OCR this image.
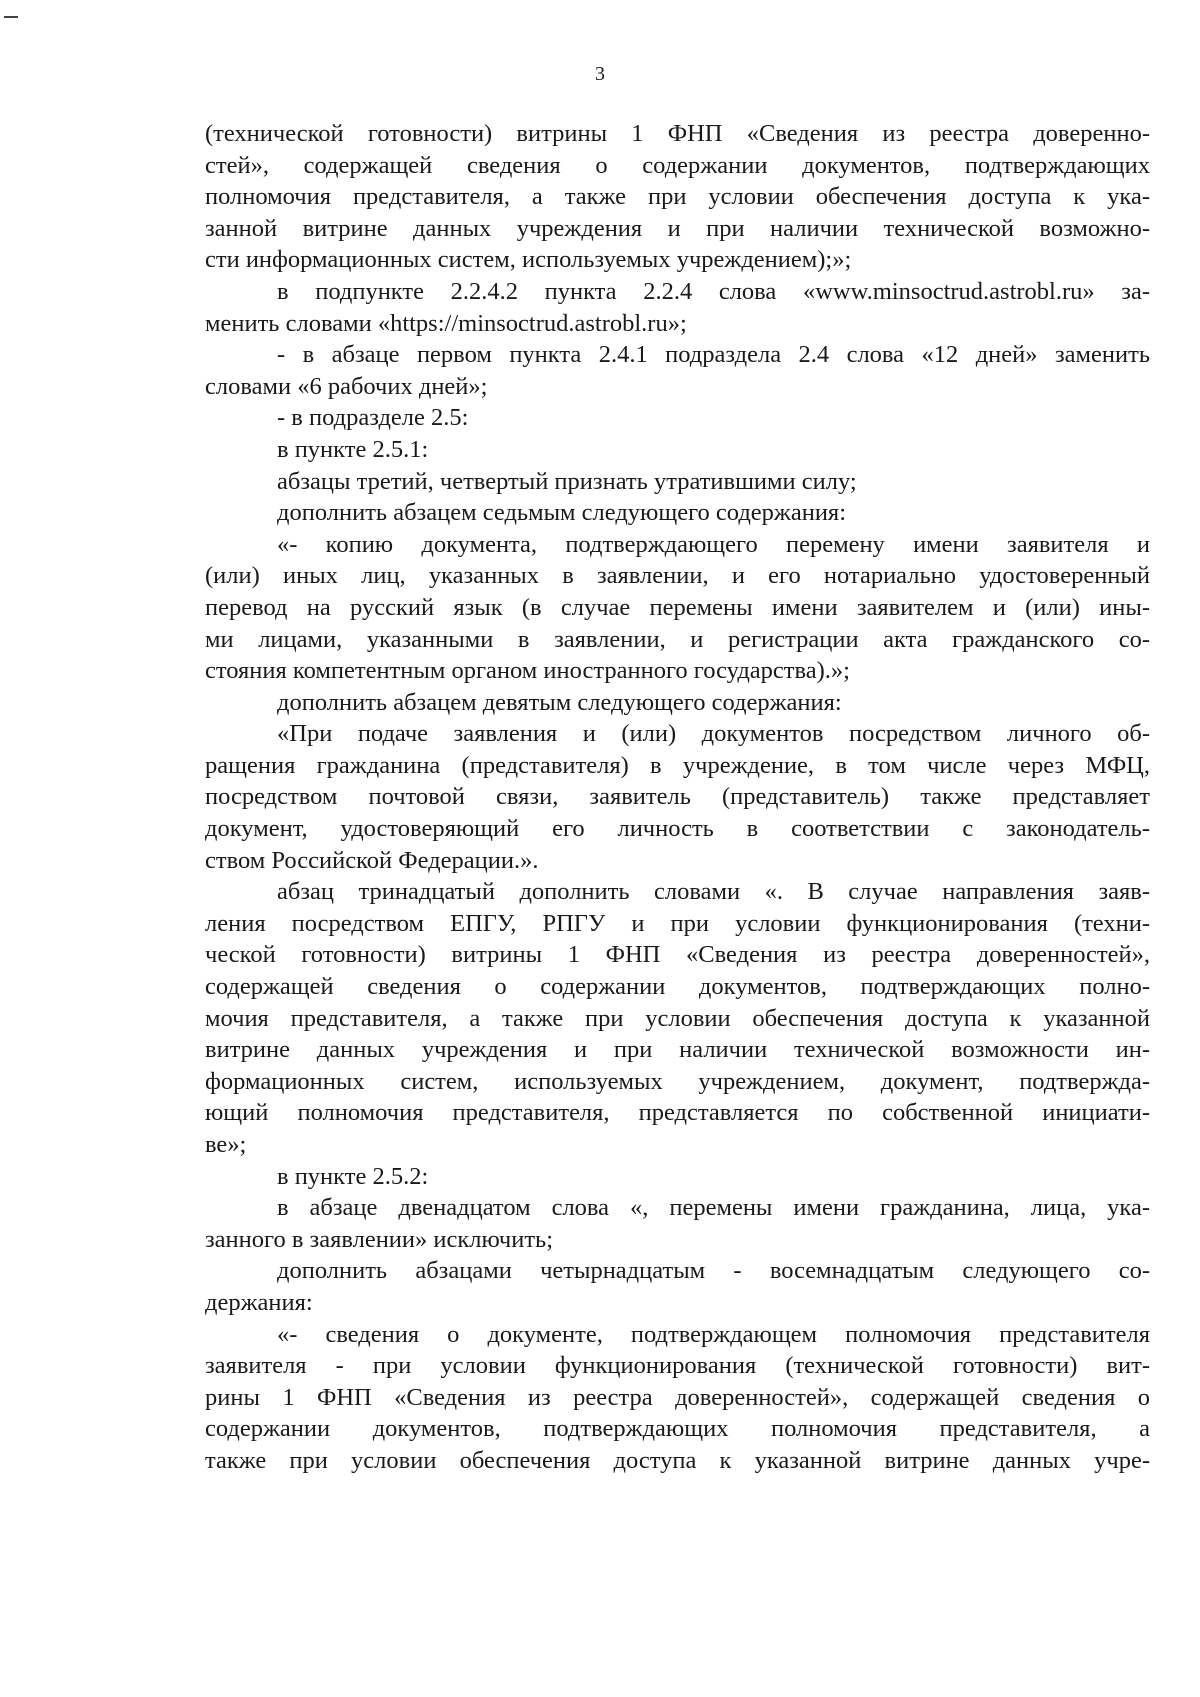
3
(технической готовности) витрины 1 ФНП «Сведения из реестра доверенно-
стей», содержащей сведения о содержании документов, подтверждающих
полномочия представителя, а также при условии обеспечения доступа к ука-
занной витрине данных учреждения и при наличии технической возможно-
сти информационных систем, используемых учреждением);»;
в подпункте 2.2.4.2 пункта 2.2.4 слова «www.minsoctrud.astrobl.ru» за-
менить словами «https://minsoctrud.astrobl.ru»;
- в абзаце первом пункта 2.4.1 подраздела 2.4 слова «12 дней» заменить
словами «6 рабочих дней»;
- в подразделе 2.5:
в пункте 2.5.1:
абзацы третий, четвертый признать утратившими силу;
дополнить абзацем седьмым следующего содержания:
«- копию документа, подтверждающего перемену имени заявителя и
(или) иных лиц, указанных в заявлении, и его нотариально удостоверенный
перевод на русский язык (в случае перемены имени заявителем и (или) ины-
ми лицами, указанными в заявлении, и регистрации акта гражданского со-
стояния компетентным органом иностранного государства).»;
дополнить абзацем девятым следующего содержания:
«При подаче заявления и (или) документов посредством личного об-
ращения гражданина (представителя) в учреждение, в том числе через МФЦ,
посредством почтовой связи, заявитель (представитель) также представляет
документ, удостоверяющий его личность в соответствии с законодатель-
ством Российской Федерации.».
абзац тринадцатый дополнить словами «. В случае направления заяв-
ления посредством ЕПГУ, РПГУ и при условии функционирования (техни-
ческой готовности) витрины 1 ФНП «Сведения из реестра доверенностей»,
содержащей сведения о содержании документов, подтверждающих полно-
мочия представителя, а также при условии обеспечения доступа к указанной
витрине данных учреждения и при наличии технической возможности ин-
формационных систем, используемых учреждением, документ, подтвержда-
ющий полномочия представителя, представляется по собственной инициати-
ве»;
в пункте 2.5.2:
в абзаце двенадцатом слова «, перемены имени гражданина, лица, ука-
занного в заявлении» исключить;
дополнить абзацами четырнадцатым - восемнадцатым следующего со-
держания:
«- сведения о документе, подтверждающем полномочия представителя
заявителя - при условии функционирования (технической готовности) вит-
рины 1 ФНП «Сведения из реестра доверенностей», содержащей сведения о
содержании документов, подтверждающих полномочия представителя, а
также при условии обеспечения доступа к указанной витрине данных учре-
